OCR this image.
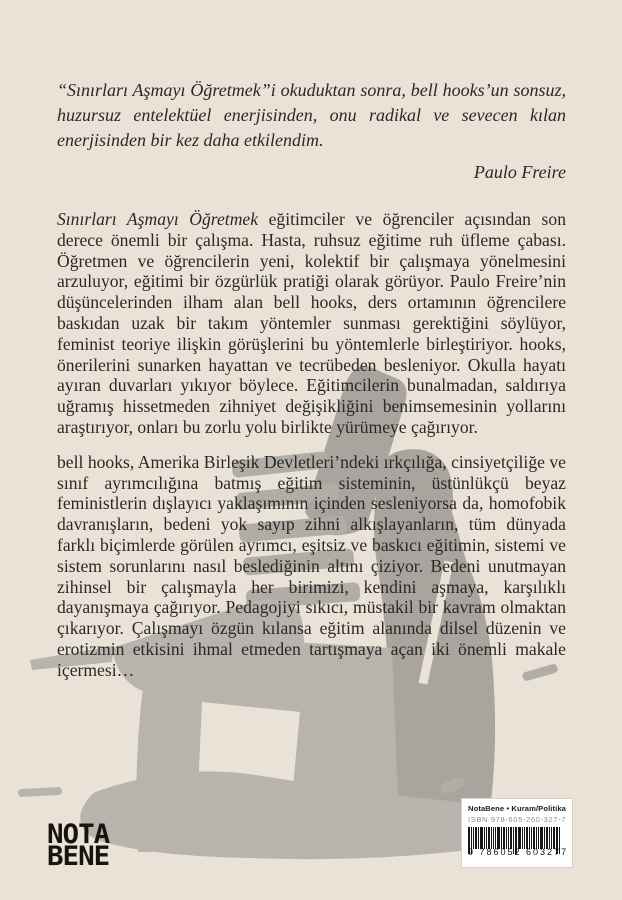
“Sınırları Aşmayı Öğretmek”i okuduktan sonra, bell hooks’un sonsuz, huzursuz entelektüel enerjisinden, onu radikal ve sevecen kılan enerjisinden bir kez daha etkilendim.

Paulo Freire

Sınırları Aşmayı Öğretmek eğitimciler ve öğrenciler açısından son derece önemli bir çalışma. Hasta, ruhsuz eğitime ruh üfleme çabası. Öğretmen ve öğrencilerin yeni, kolektif bir çalışmaya yönelmesini arzuluyor, eğitimi bir özgürlük pratiği olarak görüyor. Paulo Freire’nin düşüncelerinden ilham alan bell hooks, ders ortamının öğrencilere baskıdan uzak bir takım yöntemler sunması gerektiğini söylüyor, feminist teoriye ilişkin görüşlerini bu yöntemlerle birleştiriyor. hooks, önerilerini sunarken hayattan ve tecrübeden besleniyor. Okulla hayatı ayıran duvarları yıkıyor böylece. Eğitimcilerin bunalmadan, saldırıya uğramış hissetmeden zihniyet değişikliğini benimsemesinin yollarını araştırıyor, onları bu zorlu yolu birlikte yürümeye çağırıyor.

bell hooks, Amerika Birleşik Devletleri’ndeki ırkçılığa, cinsiyetçiliğe ve sınıf ayrımcılığına batmış eğitim sisteminin, üstünlükçü beyaz feministlerin dışlayıcı yaklaşımının içinden sesleniyorsa da, homofobik davranışların, bedeni yok sayıp zihni alkışlayanların, tüm dünyada farklı biçimlerde görülen ayrımcı, eşitsiz ve baskıcı eğitimin, sistemi ve sistem sorunlarını nasıl beslediğinin altını çiziyor. Bedeni unutmayan zihinsel bir çalışmayla her birimizi, kendini aşmaya, karşılıklı dayanışmaya çağırıyor. Pedagojiyi sıkıcı, müstakil bir kavram olmaktan çıkarıyor. Çalışmayı özgün kılansa eğitim alanında dilsel düzenin ve erotizmin etkisini ihmal etmeden tartışmaya açan iki önemli makale içermesi…

NOTA
BENE
NotaBene • Kuram/Politika
ISBN 978-605-260-327-7
9 786052 603277
